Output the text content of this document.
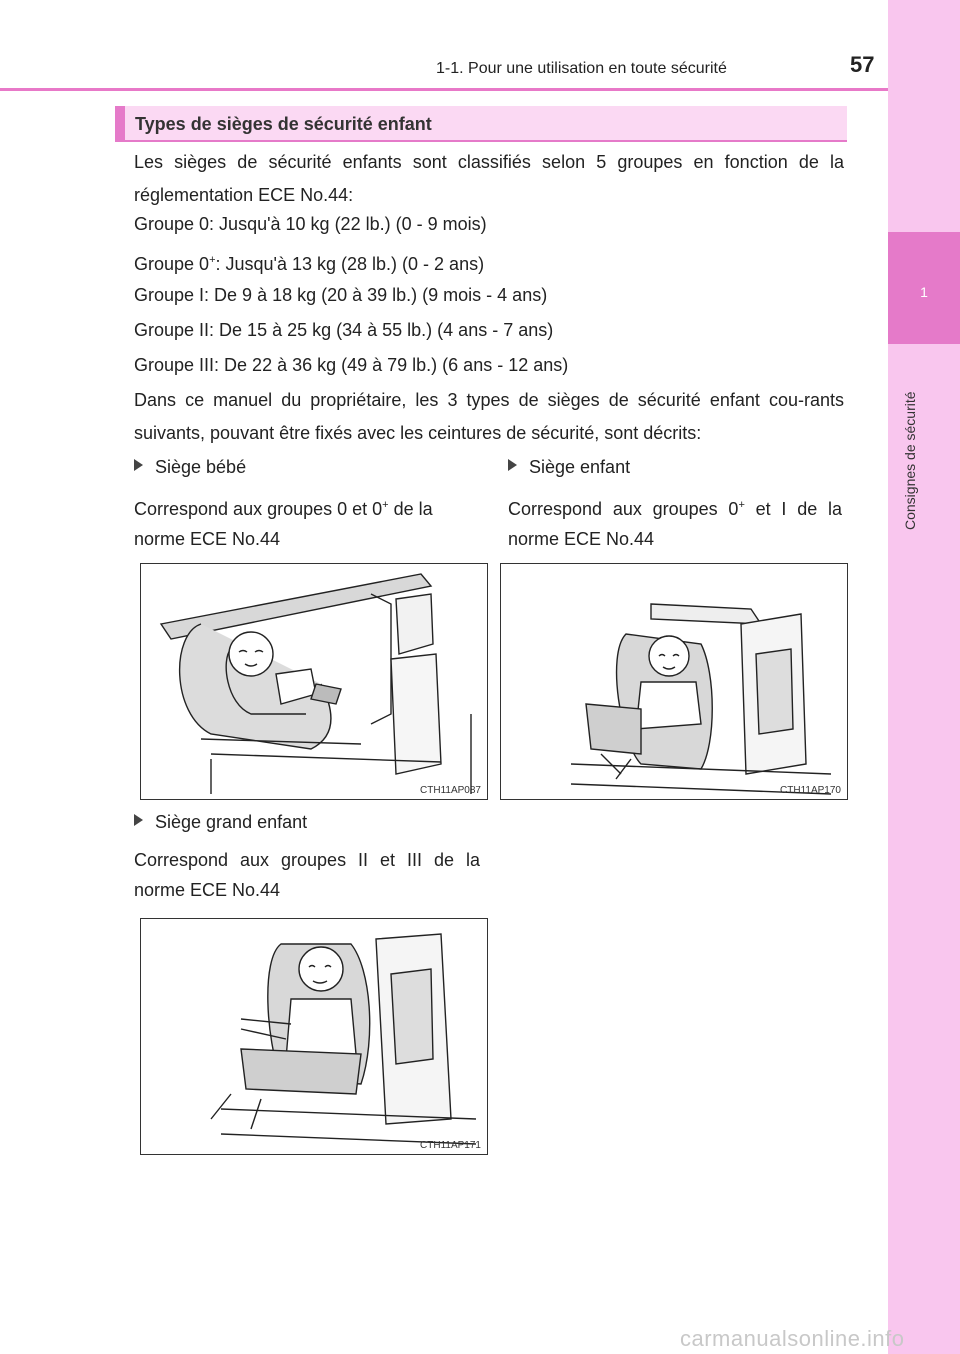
1-1. Pour une utilisation en toute sécurité	57
1
Consignes de sécurité
Types de sièges de sécurité enfant
Les sièges de sécurité enfants sont classifiés selon 5 groupes en fonction de la réglementation ECE No.44:
Groupe 0: Jusqu'à 10 kg (22 lb.) (0 - 9 mois)
Groupe 0+: Jusqu'à 13 kg (28 lb.) (0 - 2 ans)
Groupe I: De 9 à 18 kg (20 à 39 lb.) (9 mois - 4 ans)
Groupe II: De 15 à 25 kg (34 à 55 lb.) (4 ans - 7 ans)
Groupe III: De 22 à 36 kg (49 à 79 lb.) (6 ans - 12 ans)
Dans ce manuel du propriétaire, les 3 types de sièges de sécurité enfant cou-rants suivants, pouvant être fixés avec les ceintures de sécurité, sont décrits:
Siège bébé
Correspond aux groupes 0 et 0+ de la norme ECE No.44
Siège enfant
Correspond aux groupes 0+ et I de la norme ECE No.44
CTH11AP087	CTH11AP170
Siège grand enfant
Correspond aux groupes II et III de la norme ECE No.44
CTH11AP171
carmanualsonline.info
